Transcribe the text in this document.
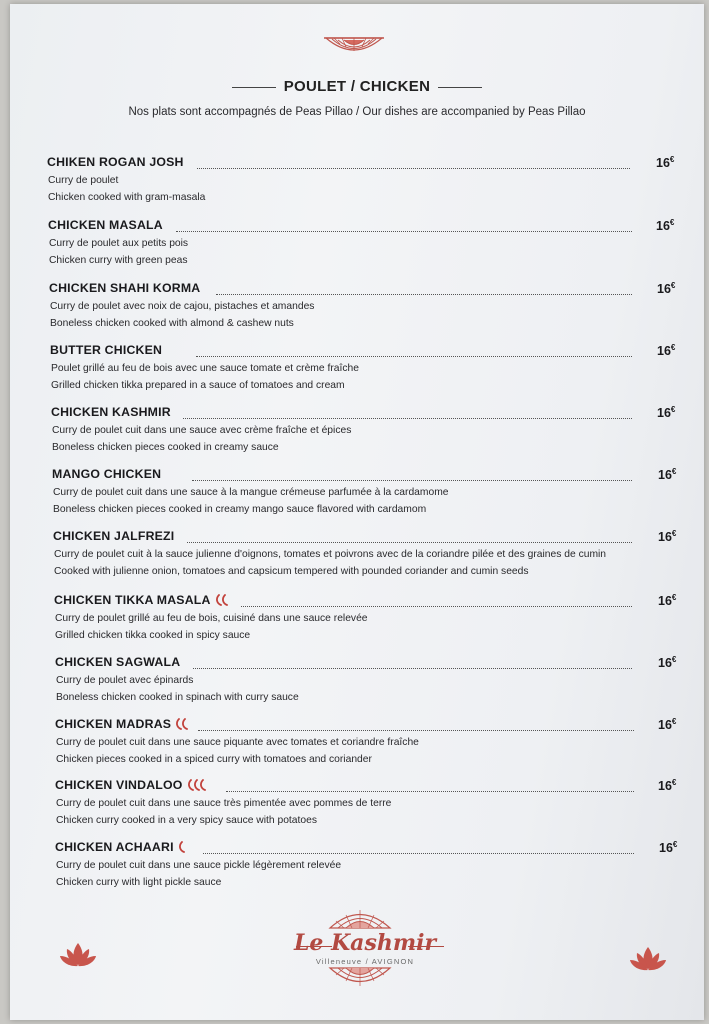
POULET / CHICKEN
Nos plats sont accompagnés de Peas Pillao / Our dishes are accompanied by Peas Pillao
CHIKEN ROGAN JOSH	16€
Curry de poulet
Chicken cooked with gram-masala
CHICKEN MASALA	16€
Curry de poulet aux petits pois
Chicken curry with green peas
CHICKEN SHAHI KORMA	16€
Curry de poulet avec noix de cajou, pistaches et amandes
Boneless chicken cooked with almond & cashew nuts
BUTTER CHICKEN	16€
Poulet grillé au feu de bois avec une sauce tomate et crème fraîche
Grilled chicken tikka prepared in a sauce of tomatoes and cream
CHICKEN KASHMIR	16€
Curry de poulet cuit dans une sauce avec crème fraîche et épices
Boneless chicken pieces cooked in creamy sauce
MANGO CHICKEN	16€
Curry de poulet cuit dans une sauce à la mangue crémeuse parfumée à la cardamome
Boneless chicken pieces cooked in creamy mango sauce flavored with cardamom
CHICKEN JALFREZI	16€
Curry de poulet cuit à la sauce julienne d'oignons, tomates et poivrons avec de la coriandre pilée et des graines de cumin
Cooked with julienne onion, tomatoes and capsicum tempered with pounded coriander and cumin seeds
CHICKEN TIKKA MASALA	16€
Curry de poulet grillé au feu de bois, cuisiné dans une sauce relevée
Grilled chicken tikka cooked in spicy sauce
CHICKEN SAGWALA	16€
Curry de poulet avec épinards
Boneless chicken cooked in spinach with curry sauce
CHICKEN MADRAS	16€
Curry de poulet cuit dans une sauce piquante avec tomates et coriandre fraîche
Chicken pieces cooked in a spiced curry with tomatoes and coriander
CHICKEN VINDALOO	16€
Curry de poulet cuit dans une sauce très pimentée avec pommes de terre
Chicken curry cooked in a very spicy sauce with potatoes
CHICKEN ACHAARI	16€
Curry de poulet cuit dans une sauce pickle légèrement relevée
Chicken curry with light pickle sauce
Le Kashmir
Villeneuve / AVIGNON
